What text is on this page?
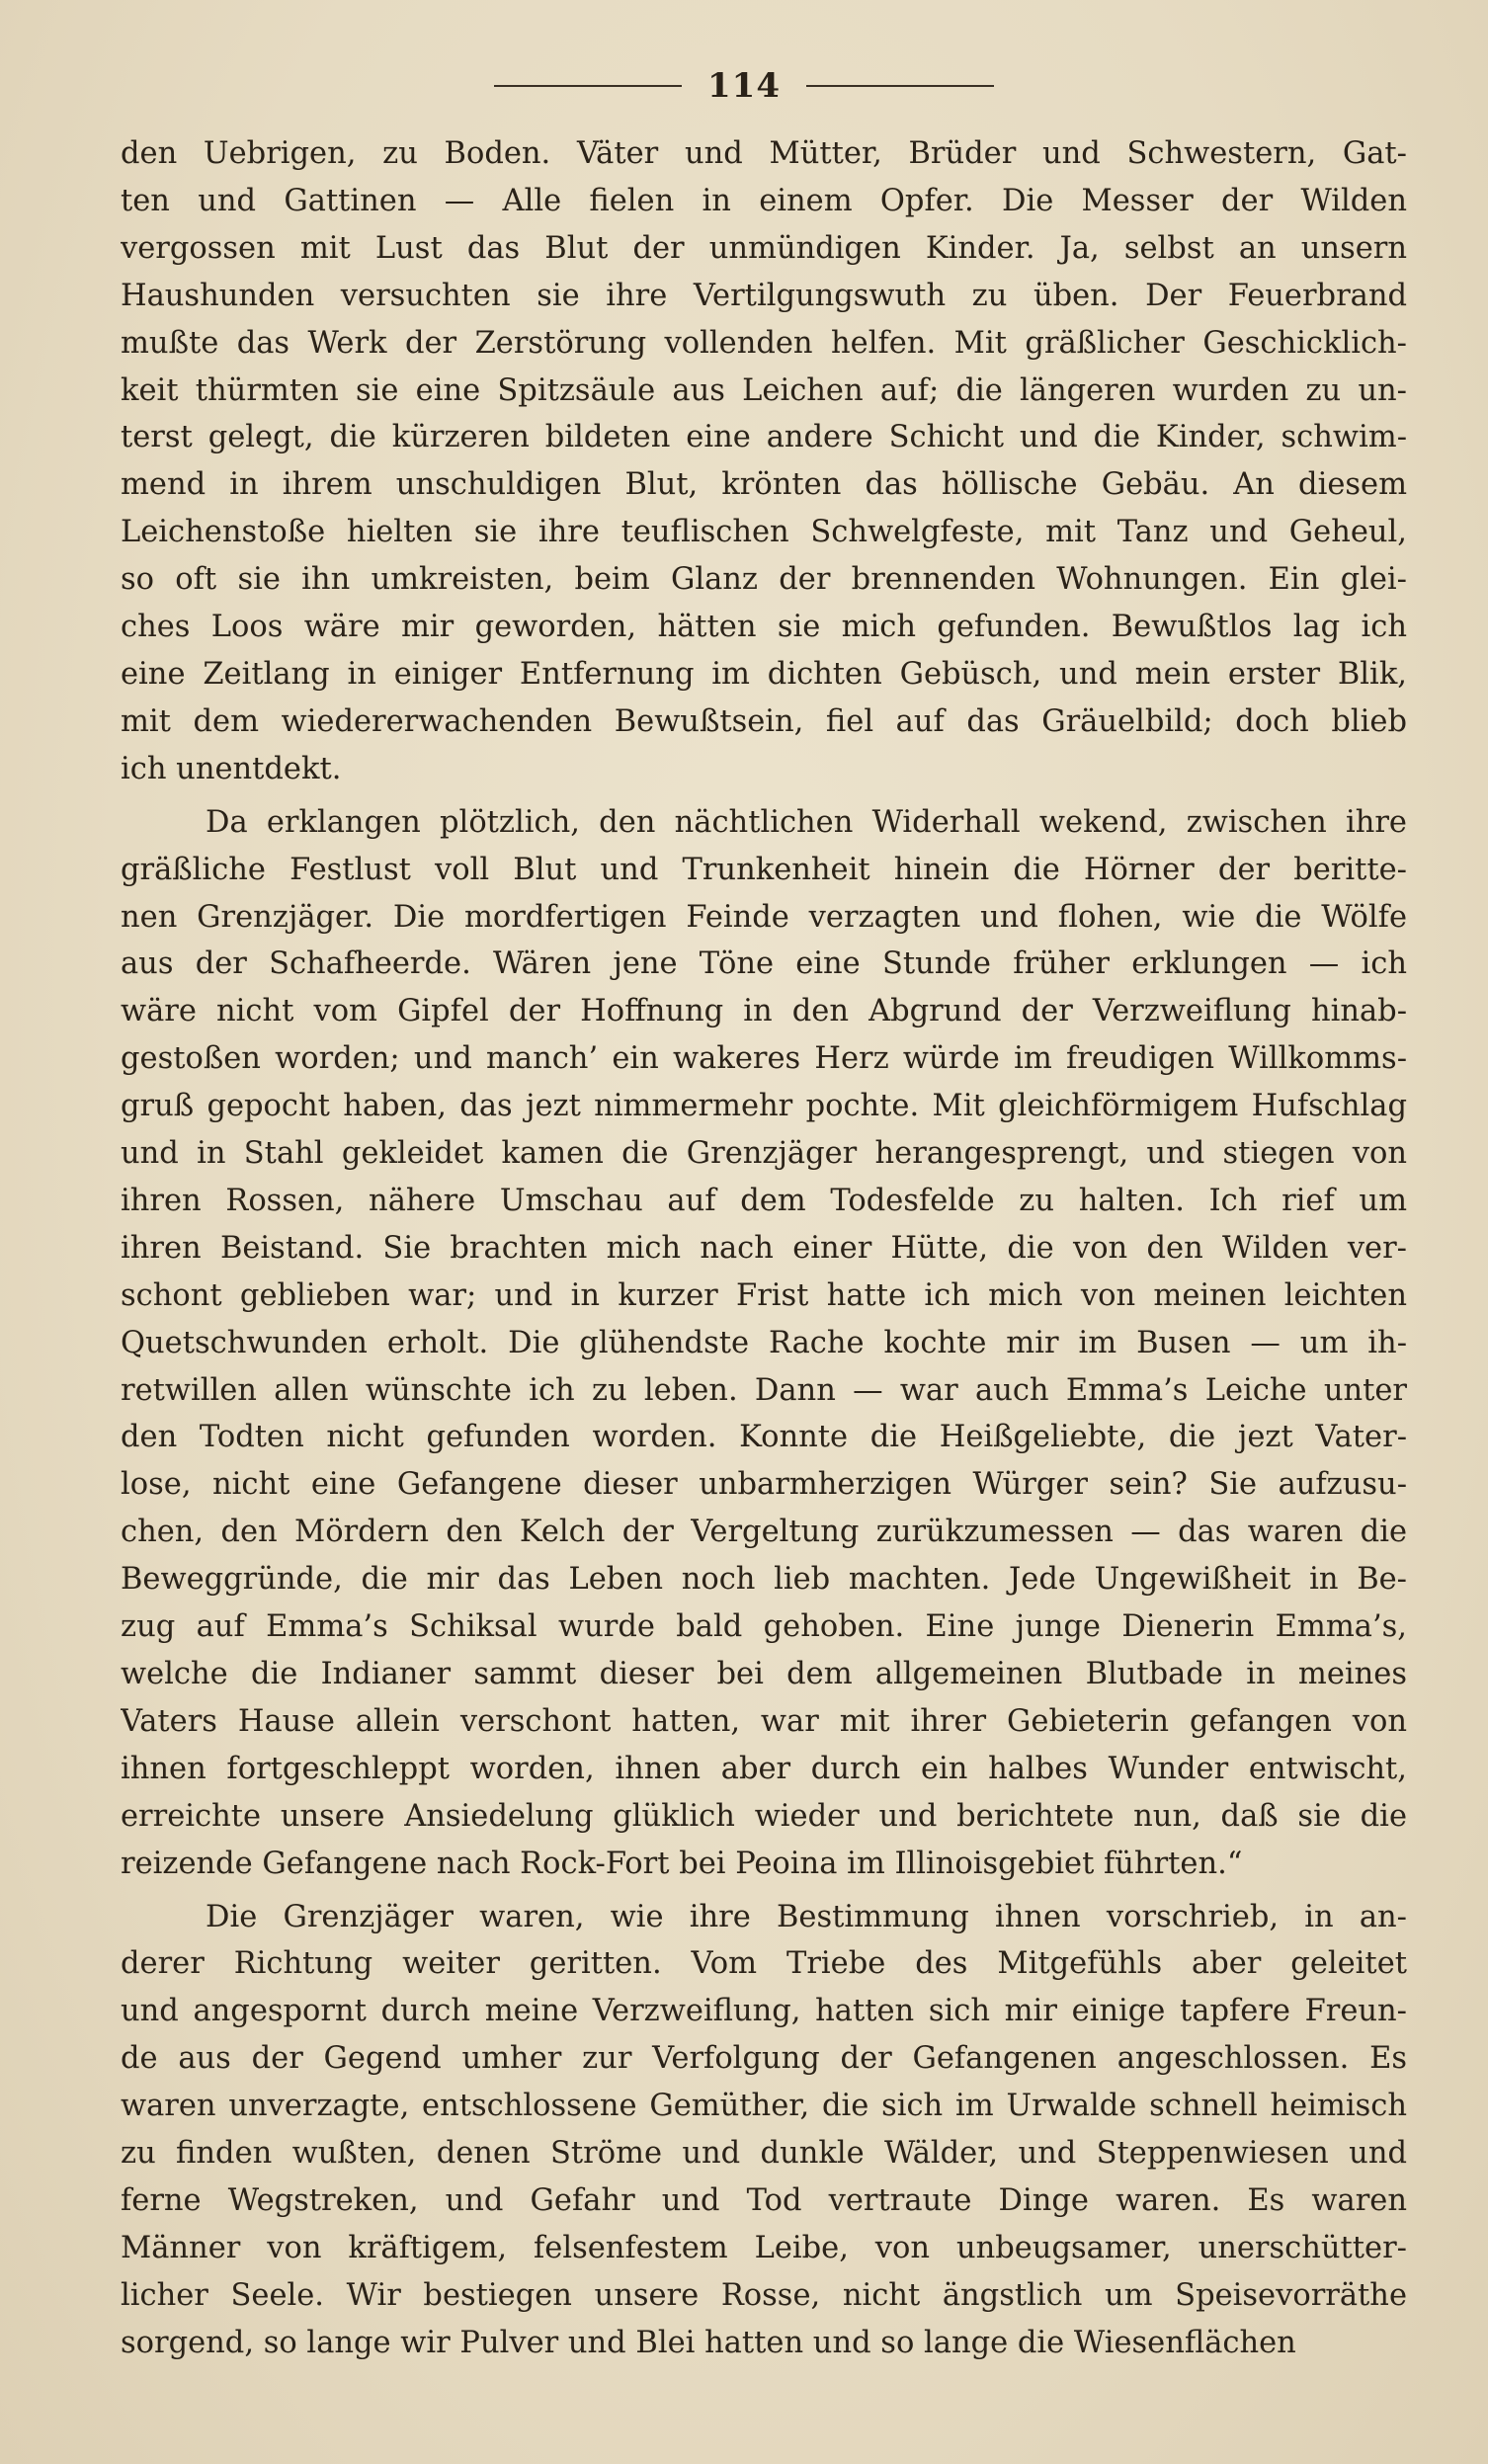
114
den Uebrigen, zu Boden. Väter und Mütter, Brüder und Schwestern, Gat-
ten und Gattinen — Alle fielen in einem Opfer. Die Messer der Wilden
vergossen mit Lust das Blut der unmündigen Kinder. Ja, selbst an unsern
Haushunden versuchten sie ihre Vertilgungswuth zu üben. Der Feuerbrand
mußte das Werk der Zerstörung vollenden helfen. Mit gräßlicher Geschicklich-
keit thürmten sie eine Spitzsäule aus Leichen auf; die längeren wurden zu un-
terst gelegt, die kürzeren bildeten eine andere Schicht und die Kinder, schwim-
mend in ihrem unschuldigen Blut, krönten das höllische Gebäu. An diesem
Leichenstoße hielten sie ihre teuflischen Schwelgfeste, mit Tanz und Geheul,
so oft sie ihn umkreisten, beim Glanz der brennenden Wohnungen. Ein glei-
ches Loos wäre mir geworden, hätten sie mich gefunden. Bewußtlos lag ich
eine Zeitlang in einiger Entfernung im dichten Gebüsch, und mein erster Blik,
mit dem wiedererwachenden Bewußtsein, fiel auf das Gräuelbild; doch blieb
ich unentdekt.
Da erklangen plötzlich, den nächtlichen Widerhall wekend, zwischen ihre
gräßliche Festlust voll Blut und Trunkenheit hinein die Hörner der beritte-
nen Grenzjäger. Die mordfertigen Feinde verzagten und flohen, wie die Wölfe
aus der Schafheerde. Wären jene Töne eine Stunde früher erklungen — ich
wäre nicht vom Gipfel der Hoffnung in den Abgrund der Verzweiflung hinab-
gestoßen worden; und manch’ ein wakeres Herz würde im freudigen Willkomms-
gruß gepocht haben, das jezt nimmermehr pochte. Mit gleichförmigem Hufschlag
und in Stahl gekleidet kamen die Grenzjäger herangesprengt, und stiegen von
ihren Rossen, nähere Umschau auf dem Todesfelde zu halten. Ich rief um
ihren Beistand. Sie brachten mich nach einer Hütte, die von den Wilden ver-
schont geblieben war; und in kurzer Frist hatte ich mich von meinen leichten
Quetschwunden erholt. Die glühendste Rache kochte mir im Busen — um ih-
retwillen allen wünschte ich zu leben. Dann — war auch Emma’s Leiche unter
den Todten nicht gefunden worden. Konnte die Heißgeliebte, die jezt Vater-
lose, nicht eine Gefangene dieser unbarmherzigen Würger sein? Sie aufzusu-
chen, den Mördern den Kelch der Vergeltung zurükzumessen — das waren die
Beweggründe, die mir das Leben noch lieb machten. Jede Ungewißheit in Be-
zug auf Emma’s Schiksal wurde bald gehoben. Eine junge Dienerin Emma’s,
welche die Indianer sammt dieser bei dem allgemeinen Blutbade in meines
Vaters Hause allein verschont hatten, war mit ihrer Gebieterin gefangen von
ihnen fortgeschleppt worden, ihnen aber durch ein halbes Wunder entwischt,
erreichte unsere Ansiedelung glüklich wieder und berichtete nun, daß sie die
reizende Gefangene nach Rock-Fort bei Peoina im Illinoisgebiet führten.“
Die Grenzjäger waren, wie ihre Bestimmung ihnen vorschrieb, in an-
derer Richtung weiter geritten. Vom Triebe des Mitgefühls aber geleitet
und angespornt durch meine Verzweiflung, hatten sich mir einige tapfere Freun-
de aus der Gegend umher zur Verfolgung der Gefangenen angeschlossen. Es
waren unverzagte, entschlossene Gemüther, die sich im Urwalde schnell heimisch
zu finden wußten, denen Ströme und dunkle Wälder, und Steppenwiesen und
ferne Wegstreken, und Gefahr und Tod vertraute Dinge waren. Es waren
Männer von kräftigem, felsenfestem Leibe, von unbeugsamer, unerschütter-
licher Seele. Wir bestiegen unsere Rosse, nicht ängstlich um Speisevorräthe
sorgend, so lange wir Pulver und Blei hatten und so lange die Wiesenflächen
